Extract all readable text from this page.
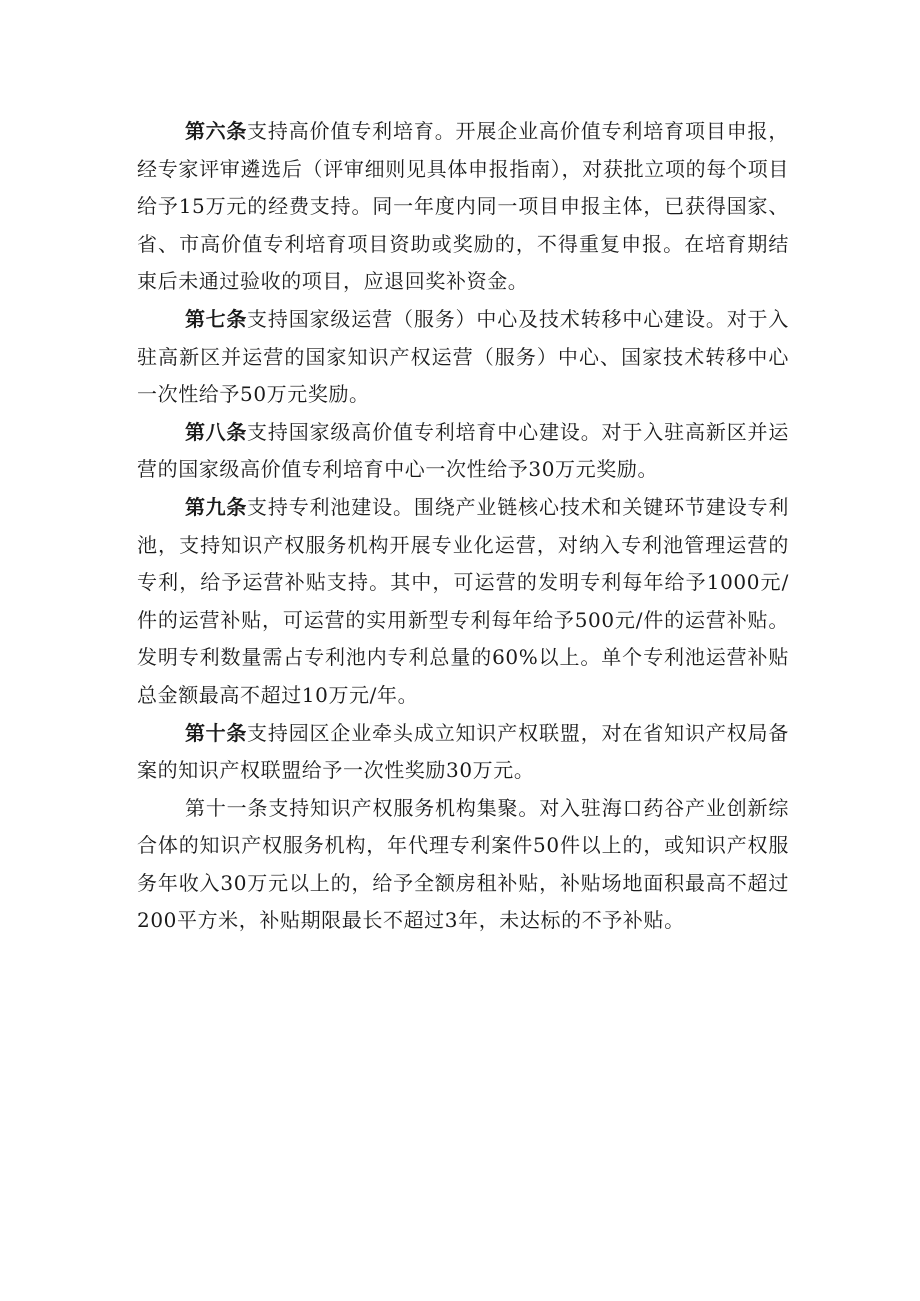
第六条支持高价值专利培育。开展企业高价值专利培育项目申报，经专家评审遴选后（评审细则见具体申报指南），对获批立项的每个项目给予15万元的经费支持。同一年度内同一项目申报主体，已获得国家、省、市高价值专利培育项目资助或奖励的，不得重复申报。在培育期结束后未通过验收的项目，应退回奖补资金。

第七条支持国家级运营（服务）中心及技术转移中心建设。对于入驻高新区并运营的国家知识产权运营（服务）中心、国家技术转移中心一次性给予50万元奖励。

第八条支持国家级高价值专利培育中心建设。对于入驻高新区并运营的国家级高价值专利培育中心一次性给予30万元奖励。

第九条支持专利池建设。围绕产业链核心技术和关键环节建设专利池，支持知识产权服务机构开展专业化运营，对纳入专利池管理运营的专利，给予运营补贴支持。其中，可运营的发明专利每年给予1000元/件的运营补贴，可运营的实用新型专利每年给予500元/件的运营补贴。发明专利数量需占专利池内专利总量的60%以上。单个专利池运营补贴总金额最高不超过10万元/年。

第十条支持园区企业牵头成立知识产权联盟，对在省知识产权局备案的知识产权联盟给予一次性奖励30万元。

第十一条支持知识产权服务机构集聚。对入驻海口药谷产业创新综合体的知识产权服务机构，年代理专利案件50件以上的，或知识产权服务年收入30万元以上的，给予全额房租补贴，补贴场地面积最高不超过200平方米，补贴期限最长不超过3年，未达标的不予补贴。
